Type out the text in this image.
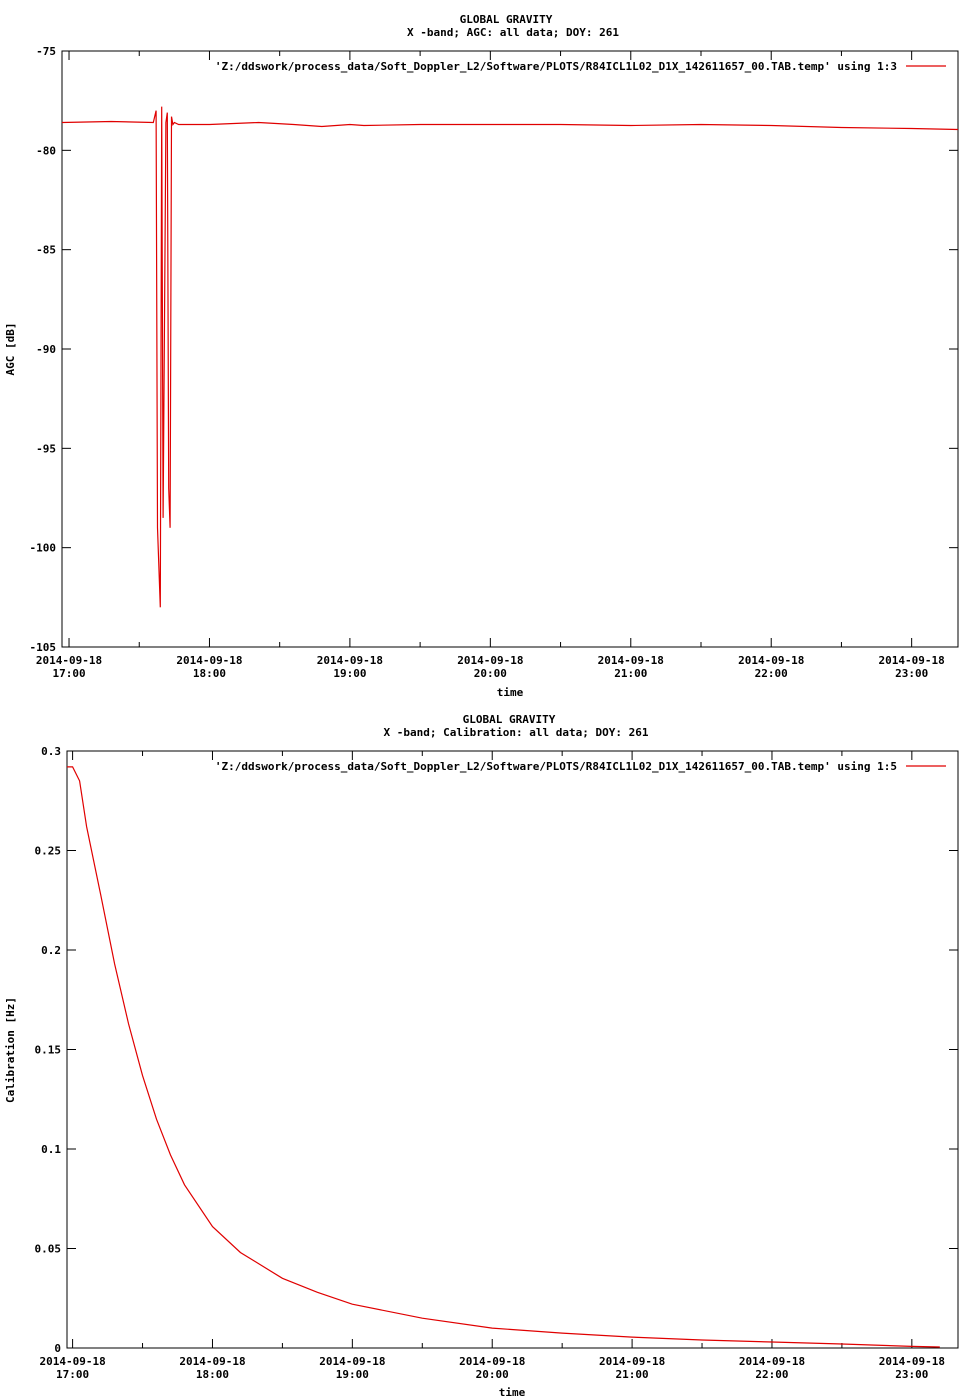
GLOBAL GRAVITY
X -band; AGC: all data; DOY: 261
-75
-80
-85
-90
-95
-100
-105
2014-09-18
17:00
2014-09-18
18:00
2014-09-18
19:00
2014-09-18
20:00
2014-09-18
21:00
2014-09-18
22:00
2014-09-18
23:00
AGC [dB]
time
'Z:/ddswork/process_data/Soft_Doppler_L2/Software/PLOTS/R84ICL1L02_D1X_142611657_00.TAB.temp' using 1:3
GLOBAL GRAVITY
X -band; Calibration: all data; DOY: 261
0.3
0.25
0.2
0.15
0.1
0.05
0
2014-09-18
17:00
2014-09-18
18:00
2014-09-18
19:00
2014-09-18
20:00
2014-09-18
21:00
2014-09-18
22:00
2014-09-18
23:00
Calibration [Hz]
time
'Z:/ddswork/process_data/Soft_Doppler_L2/Software/PLOTS/R84ICL1L02_D1X_142611657_00.TAB.temp' using 1:5
